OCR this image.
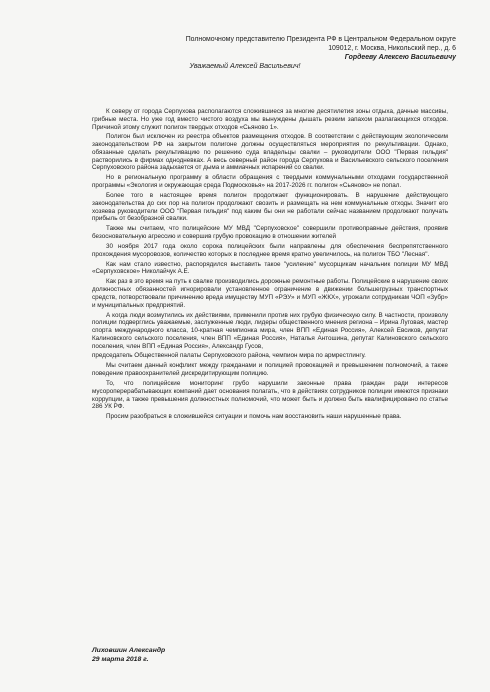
Полномочному представителю Президента РФ в Центральном Федеральном округе
109012, г. Москва, Никольский пер., д. 6
Гордееву Алексею Васильевичу
Уважаемый Алексей Васильевич!

К северу от города Серпухова располагаются сложившиеся за многие десятилетия зоны отдыха, дачные массивы, грибные места. Но уже год вместо чистого воздуха мы вынуждены дышать резким запахом разлагающихся отходов. Причиной этому служит полигон твердых отходов «Сьяново 1».

Полигон был исключен из реестра объектов размещения отходов. В соответствии с действующим экологическим законодательством РФ на закрытом полигоне должны осуществляться мероприятия по рекультивации. Однако, обязанные сделать рекультивацию по решению суда владельцы свалки – руководители ООО "Первая гильдия" растворились в фирмах однодневках. А весь северный район города Серпухова и Васильевского сельского поселения Серпуховского района задыхается от дыма и аммиачных испарений со свалки.

Но в региональную программу в области обращения с твердыми коммунальными отходами государственной программы «Экология и окружающая среда Подмосковья» на 2017-2026 гг. полигон «Сьяново» не попал.

Более того в настоящее время полигон продолжает функционировать. В нарушение действующего законодательства до сих пор на полигон продолжают свозить и размещать на нем коммунальные отходы. Значит его хозяева руководители ООО "Первая гильдия" под каким бы они не работали сейчас названием продолжают получать прибыль от безобразной свалки.

Также мы считаем, что полицейские МУ МВД "Серпуховское" совершили противоправные действия, проявив безосновательную агрессию и совершив грубую провокацию в отношении жителей

30 ноября 2017 года около сорока полицейских были направлены для обеспечения беспрепятственного прохождения мусоровозов, количество которых в последнее время кратно увеличилось, на полигон ТБО "Лесная".

Как нам стало известно, распорядился выставить такое "усиление" мусорщикам начальник полиции МУ МВД «Серпуховское» Николайчук А.Е.

Как раз в это время на путь к свалке производились дорожные ремонтные работы. Полицейские в нарушение своих должностных обязанностей игнорировали установленное ограничение в движении большегрузных транспортных средств, потворствовали причинению вреда имуществу МУП «РЭУ» и МУП «ЖКХ», угрожали сотрудникам ЧОП «Зубр» и муниципальных предприятий.

А когда люди возмутились их действиями, применили против них грубую физическую силу. В частности, произволу полиции подверглись уважаемые, заслуженные люди, лидеры общественного мнения региона – Ирина Луговая, мастер спорта международного класса, 10-кратная чемпионка мира, член ВПП «Единая Россия», Алексей Евсиков, депутат Калиновского сельского поселения, член ВПП «Единая Россия», Наталья Антошина, депутат Калиновского сельского поселения, член ВПП «Единая Россия», Александр Гусов,

председатель Общественной палаты Серпуховского района, чемпион мира по армрестлингу.

Мы считаем данный конфликт между гражданами и полицией провокацией и превышением полномочий, а также поведение правоохранителей дискредитирующим полицию.

То, что полицейские мониторинг грубо нарушили законные права граждан ради интересов мусороперерабатывающих компаний дает основания полагать, что в действиях сотрудников полиции имеются признаки коррупции, а также превышения должностных полномочий, что может быть и должно быть квалифицировано по статье 286 УК РФ.

Просим разобраться в сложившейся ситуации и помочь нам восстановить наши нарушенные права.

Лиховшин Александр
29 марта 2018 г.
